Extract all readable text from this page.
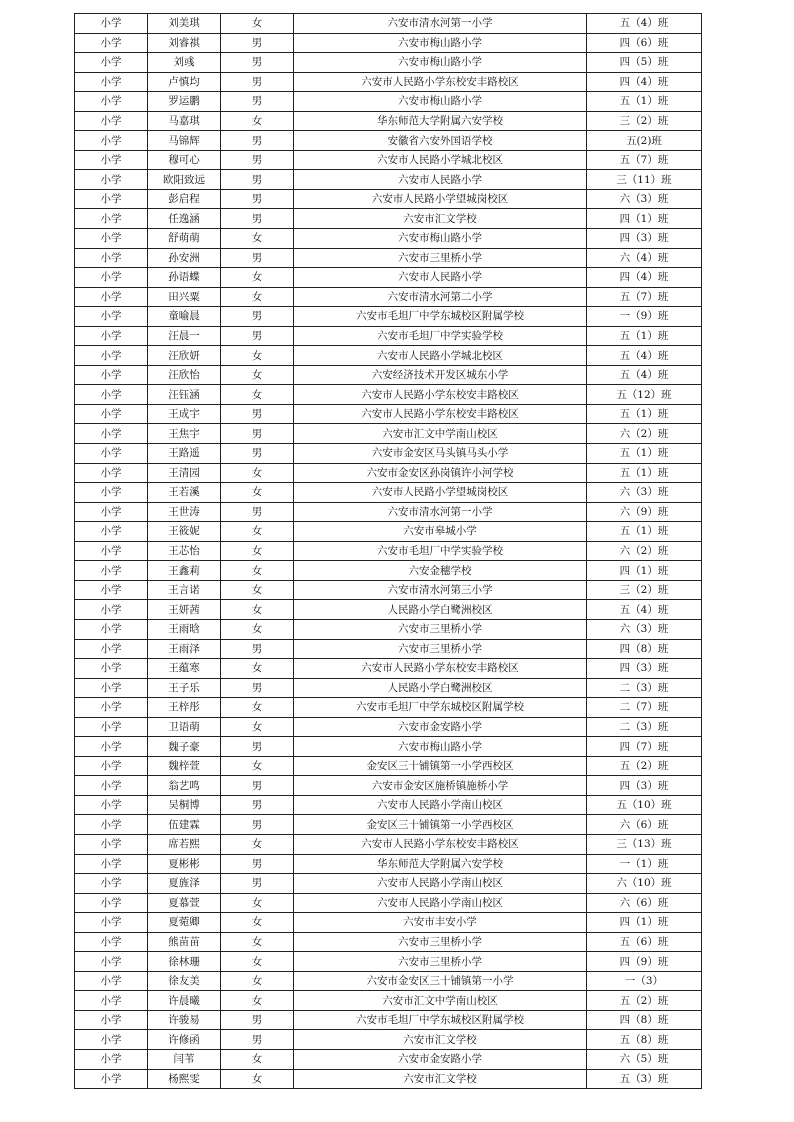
小学	刘美琪	女	六安市清水河第一小学	五（4）班
小学	刘睿祺	男	六安市梅山路小学	四（6）班
小学	刘彧	男	六安市梅山路小学	四（5）班
小学	卢慎均	男	六安市人民路小学东校安丰路校区	四（4）班
小学	罗运鹏	男	六安市梅山路小学	五（1）班
小学	马嘉琪	女	华东师范大学附属六安学校	三（2）班
小学	马锦辉	男	安徽省六安外国语学校	五(2)班
小学	穆可心	男	六安市人民路小学城北校区	五（7）班
小学	欧阳致远	男	六安市人民路小学	三（11）班
小学	彭启程	男	六安市人民路小学望城岗校区	六（3）班
小学	任逸涵	男	六安市汇文学校	四（1）班
小学	舒萌萌	女	六安市梅山路小学	四（3）班
小学	孙安洲	男	六安市三里桥小学	六（4）班
小学	孙语蝶	女	六安市人民路小学	四（4）班
小学	田兴粟	女	六安市清水河第二小学	五（7）班
小学	童喻晨	男	六安市毛坦厂中学东城校区附属学校	一（9）班
小学	汪晨一	男	六安市毛坦厂中学实验学校	五（1）班
小学	汪欣妍	女	六安市人民路小学城北校区	五（4）班
小学	汪欣怡	女	六安经济技术开发区城东小学	五（4）班
小学	汪钰涵	女	六安市人民路小学东校安丰路校区	五（12）班
小学	王成宇	男	六安市人民路小学东校安丰路校区	五（1）班
小学	王焦宇	男	六安市汇文中学南山校区	六（2）班
小学	王路遥	男	六安市金安区马头镇马头小学	五（1）班
小学	王清园	女	六安市金安区孙岗镇许小河学校	五（1）班
小学	王若溪	女	六安市人民路小学望城岗校区	六（3）班
小学	王世涛	男	六安市清水河第一小学	六（9）班
小学	王筱妮	女	六安市皋城小学	五（1）班
小学	王芯怡	女	六安市毛坦厂中学实验学校	六（2）班
小学	王鑫莉	女	六安金穗学校	四（1）班
小学	王言诺	女	六安市清水河第三小学	三（2）班
小学	王妍茜	女	人民路小学白鹭洲校区	五（4）班
小学	王雨晗	女	六安市三里桥小学	六（3）班
小学	王雨泽	男	六安市三里桥小学	四（8）班
小学	王蕴寒	女	六安市人民路小学东校安丰路校区	四（3）班
小学	王子乐	男	人民路小学白鹭洲校区	二（3）班
小学	王梓彤	女	六安市毛坦厂中学东城校区附属学校	二（7）班
小学	卫语萌	女	六安市金安路小学	二（3）班
小学	魏子豪	男	六安市梅山路小学	四（7）班
小学	魏梓萱	女	金安区三十铺镇第一小学西校区	五（2）班
小学	翁艺鸣	男	六安市金安区施桥镇施桥小学	四（3）班
小学	吴桐博	男	六安市人民路小学南山校区	五（10）班
小学	伍建霖	男	金安区三十铺镇第一小学西校区	六（6）班
小学	席若熙	女	六安市人民路小学东校安丰路校区	三（13）班
小学	夏彬彬	男	华东师范大学附属六安学校	一（1）班
小学	夏旌泽	男	六安市人民路小学南山校区	六（10）班
小学	夏慕萱	女	六安市人民路小学南山校区	六（6）班
小学	夏菀卿	女	六安市丰安小学	四（1）班
小学	熊苗苗	女	六安市三里桥小学	五（6）班
小学	徐林珊	女	六安市三里桥小学	四（9）班
小学	徐友美	女	六安市金安区三十铺镇第一小学	一（3）
小学	许晨曦	女	六安市汇文中学南山校区	五（2）班
小学	许骏易	男	六安市毛坦厂中学东城校区附属学校	四（8）班
小学	许修函	男	六安市汇文学校	五（8）班
小学	闫苇	女	六安市金安路小学	六（5）班
小学	杨熙雯	女	六安市汇文学校	五（3）班
